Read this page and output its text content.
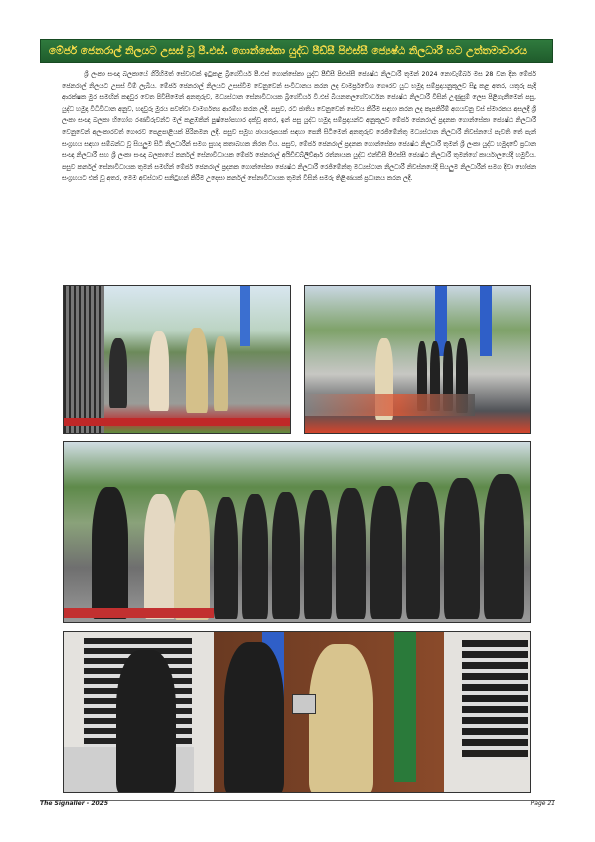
මේජර් ජෙනරාල් නිලයට උසස් වූ පී.එස්. ගොන්සේකා යුද්ධ පීඩ්සී පිඑස්සී ජ්‍යෙෂ්ඨ නිලධාරී හට උත්තමාචාරය

ශ්‍රී ලංකා සංඥා බලකායේ ගිරිහිමත් සේවාවක් ඉටුකළ බ්‍රිගේඩියර් පී.එස් ගොන්සේකා යුද්ධ පීඩ්සී පිඑස්සී ජ්‍යෙෂ්ඨ නිලධාරී තුමන් 2024 නොවැම්බර් මස 28 වන දින මේජර් ජෙනරාල් නිලයට උසස් වීම් ලැබීය. මේජර් ජෙනරාල් නිලයට උසස්වීම වෙනුවෙන් සංවිධානය කරන ලද චාමර්ප්‍රවේශ ගෞරව යුධ භමුදා සම්ප්‍රදායනුකූලව සිදු කළ අතර, යතුරු පැදි ආරක්ෂක මුර සමඟින් කඳවුර වෙත පිවිසීමෙන් අනතුරුව, මධ්‍යස්ථාන සේනාවිධායක බ්‍රිගේඩියර් වී.එස් බියනතලගේවාර්ධන ජ්‍යෙෂ්ඨ නිලධාරී විසින් උණුසුම් ලෙස පිළිගැනීමෙන් පසු, යුද්ධ හමුදා විධිවිධාන අනුව, හදවුරු මුරය පවත්වා චාමර්ගත්‍ය ආරම්භ කරන ලදී. පසුව, රට ජාතිය වෙනුවෙන් සේවය කිරීම සඳහා කරන ලද කැපකිරීම් අගයවනු වස් ස්මාරකය අසලදී ශ්‍රී ලංකා සංඥා බලකා හිගෝග රණවිරුවන්ට මල් කළඹකින් පුෂ්පෝපහාර දක්වූ අතර, ඉන් පසු යුද්ධ හමුදා සම්ප්‍රදායන්ට අනුකූලව මේජර් ජෙනරාල් ප්‍රදනක ගොන්සේකා ජ්‍යෙෂ්ඨ නිලධාරී වෙනුවෙන් අලංකාරවත් ගෞරව පෙළපාළියක් පිරිනමන ලදී. පසුව සමූහ ඡායාරූපයක් සඳහා පෙනී සිටීමෙන් අනතුරුව රෙජිමේන්තු මධ්‍යස්ථාන නිලධාරී නිවස්නයේ පැවති තේ පැන් සංග්‍රහය සඳහා සම්බන්ධ වූ සියලුම සිටී නිලධාරීන් සමග සුහද කතාබහක නිරත විය. පසුව, මේජර් ජෙනරාල් ප්‍රදනක ගොන්සේකා ජ්‍යෙෂ්ඨ නිලධාරී තුමන් ශ්‍රී ලංකා යුද්ධ හමුදාවේ ප්‍රධාන සංඥා නිලධාරී සහ ශ්‍රී ලංකා සංඥා බලකායේ කර්නල් සේනාවිධායක මේජර් ජෙනරාල් අයිඩීඩබ්ලිව්ආර් රත්නායක යුද්ධ එන්ඩීසී පීඑස්සී ජ්‍යෙෂ්ඨ නිලධාරී තුමන්ගේ කාර්යාලයේදී හමුවිය. පසුව කර්නල් සේනාවිධායක තුමන් සමඟින් මේජර් ජෙනරාල් ප්‍රදනක ගොන්සේකා ජ්‍යෙෂ්ඨ නිලධාරී රෙජිමේන්තු මධ්‍යස්ථාන නිලධාරී නිවස්නයේදී සියලුම නිලධාරීන් සමග දිවා භෝජන සංග්‍රහයට එක් වූ අතර, මෙම අවස්ථාව සනිටුහන් කිරීම උදෙසා කර්නල් සේනාවිධායක තුමන් විසින් සමරු තිළිණයක් ප්‍රධානය කරන ලදී.

The Signaller - 2025	Page 21
